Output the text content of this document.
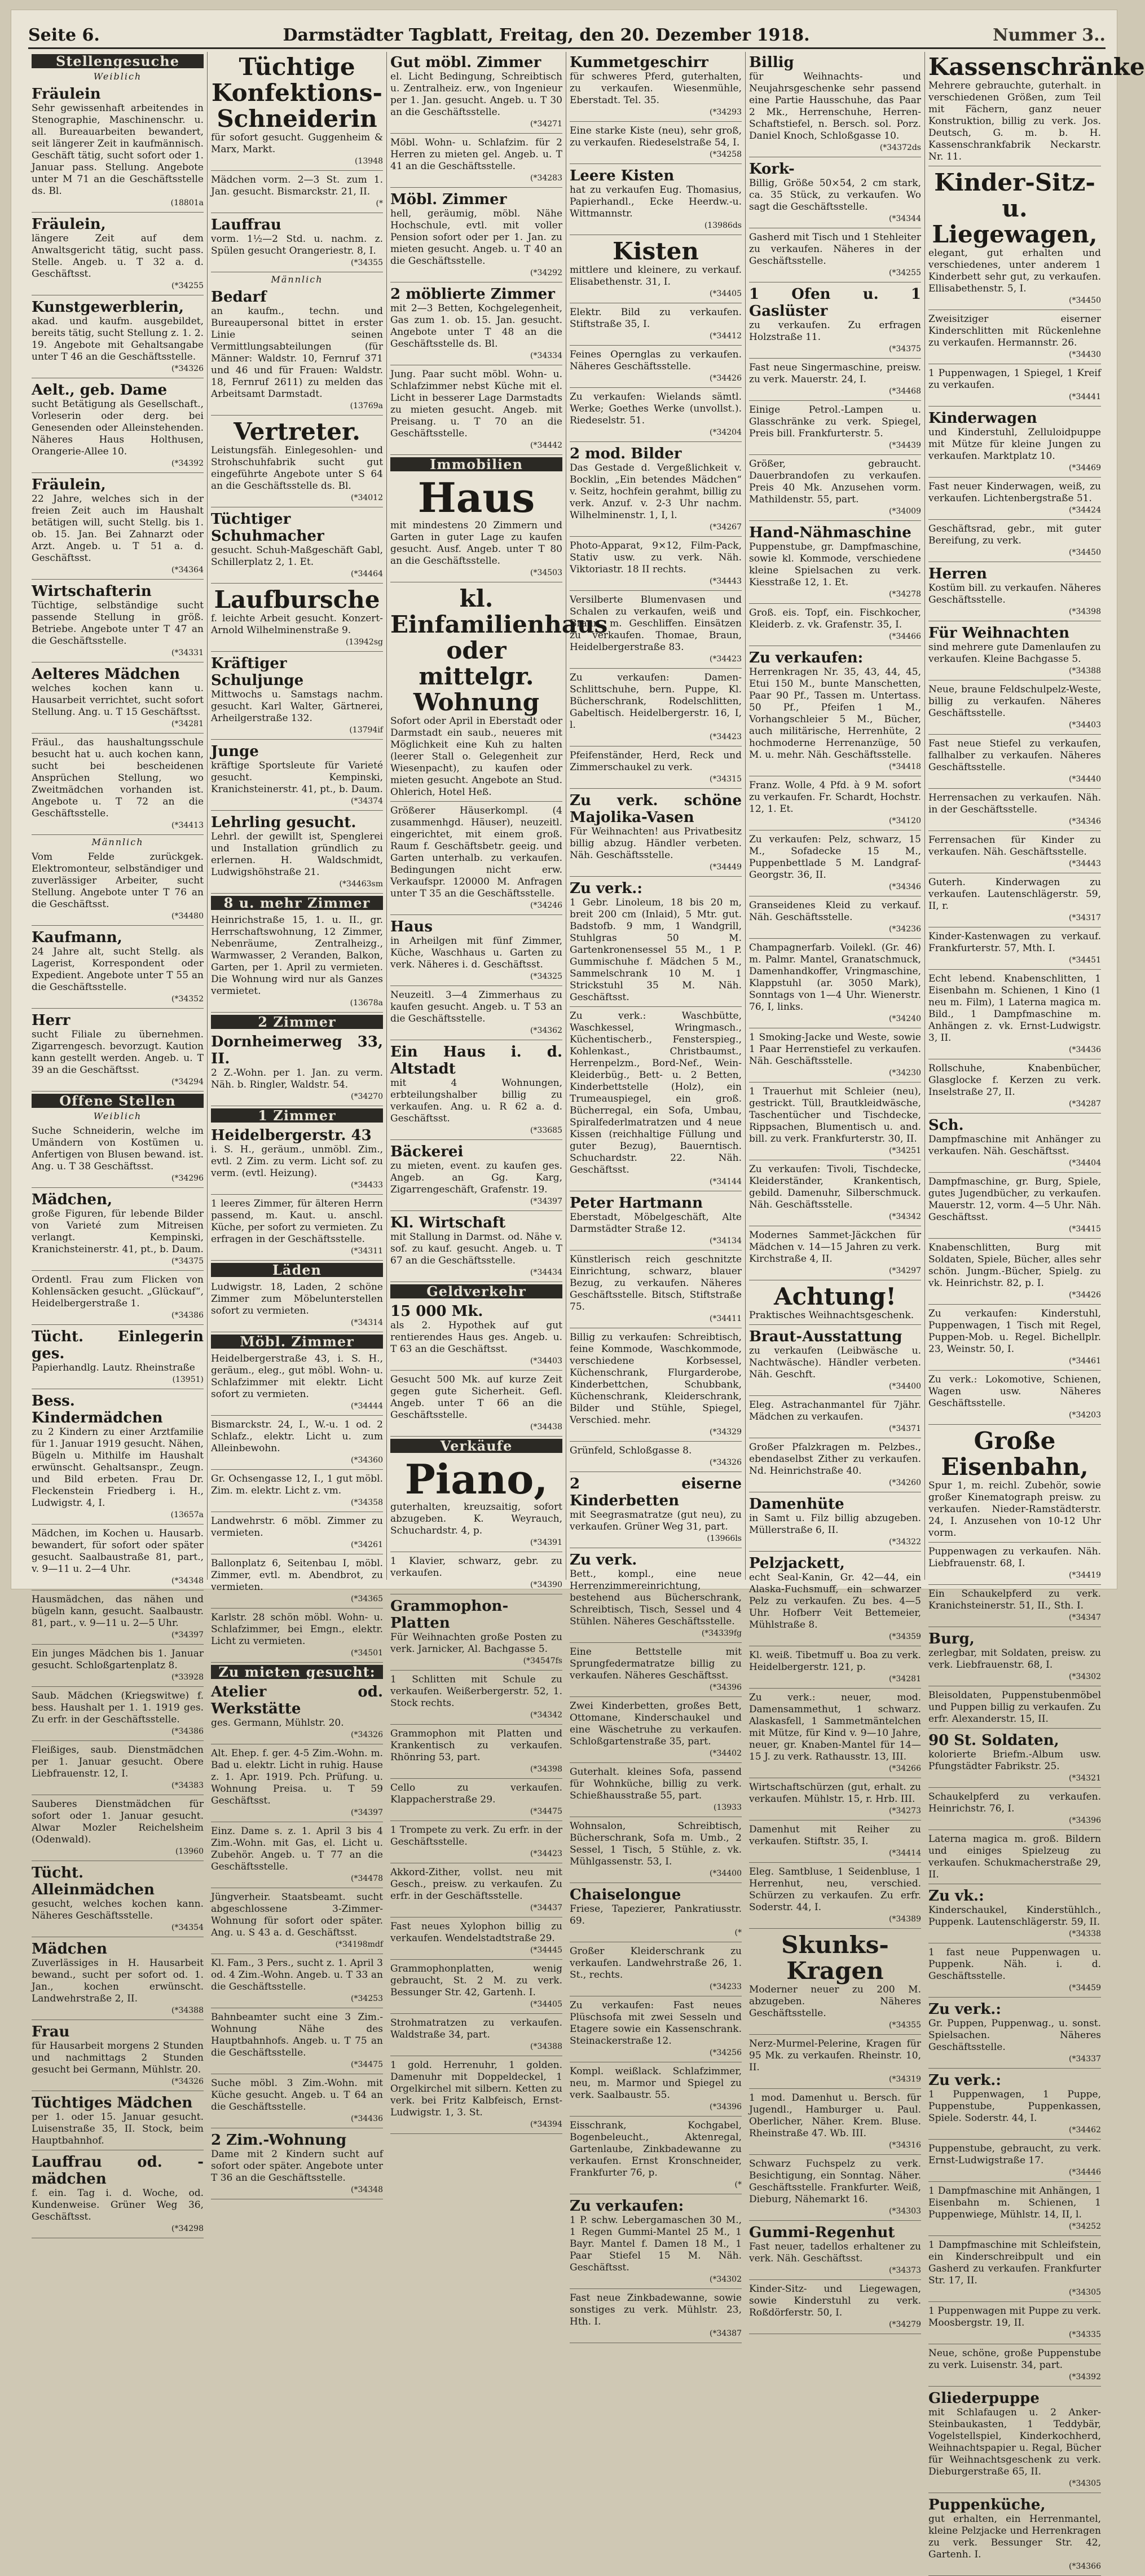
Seite 6.	Darmstädter Tagblatt, Freitag, den 20. Dezember 1918.	Nummer 3..
Stellengesuche
Weiblich
Fräulein
Sehr gewissenhaft arbeitendes in Stenographie, Maschinenschr. u. all. Bureauarbeiten bewandert, seit längerer Zeit in kaufmännisch. Geschäft tätig, sucht sofort oder 1. Januar pass. Stellung. Angebote unter M 71 an die Geschäftsstelle ds. Bl.
(18801a
Fräulein,
längere Zeit auf dem Anwaltsgericht tätig, sucht pass. Stelle. Angeb. u. T 32 a. d. Geschäftsst.
(*34255
Kunstgewerblerin,
akad. und kaufm. ausgebildet, bereits tätig, sucht Stellung z. 1. 2. 19. Angebote mit Gehaltsangabe unter T 46 an die Geschäftsstelle.
(*34326
Aelt., geb. Dame
sucht Betätigung als Gesellschaft., Vorleserin oder derg. bei Genesenden oder Alleinstehenden. Näheres Haus Holthusen, Orangerie-Allee 10.
(*34392
Fräulein,
22 Jahre, welches sich in der freien Zeit auch im Haushalt betätigen will, sucht Stellg. bis 1. ob. 15. Jan. Bei Zahnarzt oder Arzt. Angeb. u. T 51 a. d. Geschäftsst.
(*34364
Wirtschafterin
Tüchtige, selbständige sucht passende Stellung in größ. Betriebe. Angebote unter T 47 an die Geschäftsstelle.
(*34331
Aelteres Mädchen
welches kochen kann u. Hausarbeit verrichtet, sucht sofort Stellung. Ang. u. T 15 Geschäftsst.
(*34281
Fräul., das haushaltungsschule besucht hat u. auch kochen kann, sucht bei bescheidenen Ansprüchen Stellung, wo Zweitmädchen vorhanden ist. Angebote u. T 72 an die Geschäftsstelle.
(*34413
Männlich
Vom Felde zurückgek. Elektromonteur, selbständiger und zuverlässiger Arbeiter, sucht Stellung. Angebote unter T 76 an die Geschäftsst.
(*34480
Kaufmann,
24 Jahre alt, sucht Stellg. als Lagerist, Korrespondent oder Expedient. Angebote unter T 55 an die Geschäftsstelle.
(*34352
Herr
sucht Filiale zu übernehmen. Zigarrengesch. bevorzugt. Kaution kann gestellt werden. Angeb. u. T 39 an die Geschäftsst.
(*34294
Offene Stellen
Weiblich
Suche Schneiderin, welche im Umändern von Kostümen u. Anfertigen von Blusen bewand. ist. Ang. u. T 38 Geschäftsst.
(*34296
Mädchen,
große Figuren, für lebende Bilder von Varieté zum Mitreisen verlangt. Kempinski, Kranichsteinerstr. 41, pt., b. Daum.
(*34375
Ordentl. Frau zum Flicken von Kohlensäcken gesucht. „Glückauf“, Heidelbergerstraße 1.
(*34386
Tücht. Einlegerin ges.
Papierhandlg. Lautz. Rheinstraße
(13951)
Bess. Kindermädchen
zu 2 Kindern zu einer Arztfamilie für 1. Januar 1919 gesucht. Nähen, Bügeln u. Mithilfe im Haushalt erwünscht. Gehaltsanspr., Zeugn. und Bild erbeten. Frau Dr. Fleckenstein Friedberg i. H., Ludwigstr. 4, I.
(13657a
Mädchen, im Kochen u. Hausarb. bewandert, für sofort oder später gesucht. Saalbaustraße 81, part., v. 9—11 u. 2—4 Uhr.
(*34348
Hausmädchen, das nähen und bügeln kann, gesucht. Saalbaustr. 81, part., v. 9—11 u. 2—5 Uhr.
(*34397
Ein junges Mädchen bis 1. Januar gesucht. Schloßgartenplatz 8.
(*33928
Saub. Mädchen (Kriegswitwe) f. bess. Haushalt per 1. 1. 1919 ges. Zu erfr. in der Geschäftsstelle.
(*34386
Fleißiges, saub. Dienstmädchen per 1. Januar gesucht. Obere Liebfrauenstr. 12, I.
(*34383
Sauberes Dienstmädchen für sofort oder 1. Januar gesucht. Alwar Mozler Reichelsheim (Odenwald).
(13960
Tücht. Alleinmädchen
gesucht, welches kochen kann. Näheres Geschäftsstelle.
(*34354
Mädchen
Zuverlässiges in H. Hausarbeit bewand., sucht per sofort od. 1. Jan., kochen erwünscht. Landwehrstraße 2, II.
(*34388
Frau
für Hausarbeit morgens 2 Stunden und nachmittags 2 Stunden gesucht bei Germann, Mühlstr. 20.
(*34326
Tüchtiges Mädchen
per 1. oder 15. Januar gesucht. Luisenstraße 35, II. Stock, beim Hauptbahnhof.
Lauffrau od. -mädchen
f. ein. Tag i. d. Woche, od. Kundenweise. Grüner Weg 36, Geschäftsst.
(*34298
Tüchtige Konfektions-Schneiderin
für sofort gesucht. Guggenheim & Marx, Markt.
(13948
Mädchen vorm. 2—3 St. zum 1. Jan. gesucht. Bismarckstr. 21, II.
(*
Lauffrau
vorm. 1½—2 Std. u. nachm. z. Spülen gesucht Orangeriestr. 8, I.
(*34355
Männlich
Bedarf
an kaufm., techn. und Bureaupersonal bittet in erster Linie seinen Vermittlungsabteilungen (für Männer: Waldstr. 10, Fernruf 371 und 46 und für Frauen: Waldstr. 18, Fernruf 2611) zu melden das Arbeitsamt Darmstadt.
(13769a
Vertreter.
Leistungsfäh. Einlegesohlen- und Strohschuhfabrik sucht gut eingeführte Angebote unter S 64 an die Geschäftsstelle ds. Bl.
(*34012
Tüchtiger Schuhmacher
gesucht. Schuh-Maßgeschäft Gabl, Schillerplatz 2, 1. Et.
(*34464
Laufbursche
f. leichte Arbeit gesucht. Konzert-Arnold Wilhelminenstraße 9.
(13942sg
Kräftiger Schuljunge
Mittwochs u. Samstags nachm. gesucht. Karl Walter, Gärtnerei, Arheilgerstraße 132.
(13794if
Junge
kräftige Sportsleute für Varieté gesucht. Kempinski, Kranichsteinerstr. 41, pt., b. Daum.
(*34374
Lehrling gesucht.
Lehrl. der gewillt ist, Spenglerei und Installation gründlich zu erlernen. H. Waldschmidt, Ludwigshöhstraße 21.
(*34463sm
8 u. mehr Zimmer
Heinrichstraße 15, 1. u. II., gr. Herrschaftswohnung, 12 Zimmer, Nebenräume, Zentralheizg., Warmwasser, 2 Veranden, Balkon, Garten, per 1. April zu vermieten. Die Wohnung wird nur als Ganzes vermietet.
(13678a
2 Zimmer
Dornheimerweg 33, II.
2 Z.-Wohn. per 1. Jan. zu verm. Näh. b. Ringler, Waldstr. 54.
(*34270
1 Zimmer
Heidelbergerstr. 43
i. S. H., geräum., unmöbl. Zim., evtl. 2 Zim. zu verm. Licht sof. zu verm. (evtl. Heizung).
(*34433
1 leeres Zimmer, für älteren Herrn passend, m. Kaut. u. anschl. Küche, per sofort zu vermieten. Zu erfragen in der Geschäftsstelle.
(*34311
Läden
Ludwigstr. 18, Laden, 2 schöne Zimmer zum Möbelunterstellen sofort zu vermieten.
(*34314
Möbl. Zimmer
Heidelbergerstraße 43, i. S. H., geräum., eleg., gut möbl. Wohn- u. Schlafzimmer mit elektr. Licht sofort zu vermieten.
(*34444
Bismarckstr. 24, I., W.-u. 1 od. 2 Schlafz., elektr. Licht u. zum Alleinbewohn.
(*34360
Gr. Ochsengasse 12, I., 1 gut möbl. Zim. m. elektr. Licht z. vm.
(*34358
Landwehrstr. 6 möbl. Zimmer zu vermieten.
(*34261
Ballonplatz 6, Seitenbau I, möbl. Zimmer, evtl. m. Abendbrot, zu vermieten.
(*34365
Karlstr. 28 schön möbl. Wohn- u. Schlafzimmer, bei Emgn., elektr. Licht zu vermieten.
(*34501
Zu mieten gesucht:
Atelier od. Werkstätte
ges. Germann, Mühlstr. 20.
(*34326
Alt. Ehep. f. ger. 4-5 Zim.-Wohn. m. Bad u. elektr. Licht in ruhig. Hause z. 1. Apr. 1919. Pch. Prüfung. u. Wohnung Preisa. u. T 59 Geschäftsst.
(*34397
Einz. Dame s. z. 1. April 3 bis 4 Zim.-Wohn. mit Gas, el. Licht u. Zubehör. Angeb. u. T 77 an die Geschäftsstelle.
(*34478
Jüngverheir. Staatsbeamt. sucht abgeschlossene 3-Zimmer-Wohnung für sofort oder später. Ang. u. S 43 a. d. Geschäftsst.
(*34198mdf
Kl. Fam., 3 Pers., sucht z. 1. April 3 od. 4 Zim.-Wohn. Angeb. u. T 33 an die Geschäftsstelle.
(*34253
Bahnbeamter sucht eine 3 Zim.-Wohnung Nähe des Hauptbahnhofs. Angeb. u. T 75 an die Geschäftsstelle.
(*34475
Suche möbl. 3 Zim.-Wohn. mit Küche gesucht. Angeb. u. T 64 an die Geschäftsstelle.
(*34436
2 Zim.-Wohnung
Dame mit 2 Kindern sucht auf sofort oder später. Angebote unter T 36 an die Geschäftsstelle.
(*34348
Gut möbl. Zimmer
el. Licht Bedingung, Schreibtisch u. Zentralheiz. erw., von Ingenieur per 1. Jan. gesucht. Angeb. u. T 30 an die Geschäftsstelle.
(*34271
Möbl. Wohn- u. Schlafzim. für 2 Herren zu mieten gel. Angeb. u. T 41 an die Geschäftsstelle.
(*34283
Möbl. Zimmer
hell, geräumig, möbl. Nähe Hochschule, evtl. mit voller Pension sofort oder per 1. Jan. zu mieten gesucht. Angeb. u. T 40 an die Geschäftsstelle.
(*34292
2 möblierte Zimmer
mit 2—3 Betten, Kochgelegenheit, Gas zum 1. ob. 15. Jan. gesucht. Angebote unter T 48 an die Geschäftsstelle ds. Bl.
(*34334
Jung. Paar sucht möbl. Wohn- u. Schlafzimmer nebst Küche mit el. Licht in besserer Lage Darmstadts zu mieten gesucht. Angeb. mit Preisang. u. T 70 an die Geschäftsstelle.
(*34442
Immobilien
Haus
mit mindestens 20 Zimmern und Garten in guter Lage zu kaufen gesucht. Ausf. Angeb. unter T 80 an die Geschäftsstelle.
(*34503
kl. Einfamilienhaus oder mittelgr. Wohnung
Sofort oder April in Eberstadt oder Darmstadt ein saub., neueres mit Möglichkeit eine Kuh zu halten (leerer Stall o. Gelegenheit zur Wiesenpacht), zu kaufen oder mieten gesucht. Angebote an Stud. Ohlerich, Hotel Heß.
Größerer Häuserkompl. (4 zusammenhgd. Häuser), neuzeitl. eingerichtet, mit einem groß. Raum f. Geschäftsbetr. geeig. und Garten unterhalb. zu verkaufen. Bedingungen nicht erw. Verkaufspr. 120000 M. Anfragen unter T 35 an die Geschäftsstelle.
(*34246
Haus
in Arheilgen mit fünf Zimmer, Küche, Waschhaus u. Garten zu verk. Näheres i. d. Geschäftsst.
(*34325
Neuzeitl. 3—4 Zimmerhaus zu kaufen gesucht. Angeb. u. T 53 an die Geschäftsstelle.
(*34362
Ein Haus i. d. Altstadt
mit 4 Wohnungen, erbteilungshalber billig zu verkaufen. Ang. u. R 62 a. d. Geschäftsst.
(*33685
Bäckerei
zu mieten, event. zu kaufen ges. Angeb. an Gg. Karg, Zigarrengeschäft, Grafenstr. 19.
(*34397
Kl. Wirtschaft
mit Stallung in Darmst. od. Nähe v. sof. zu kauf. gesucht. Angeb. u. T 67 an die Geschäftsstelle.
(*34434
Geldverkehr
15 000 Mk.
als 2. Hypothek auf gut rentierendes Haus ges. Angeb. u. T 63 an die Geschäftsst.
(*34403
Gesucht 500 Mk. auf kurze Zeit gegen gute Sicherheit. Gefl. Angeb. unter T 66 an die Geschäftsstelle.
(*34438
Verkäufe
Piano,
guterhalten, kreuzsaitig, sofort abzugeben. K. Weyrauch, Schuchardstr. 4, p.
(*34391
1 Klavier, schwarz, gebr. zu verkaufen.
(*34390
Grammophon-Platten
Für Weihnachten große Posten zu verk. Jarnicker, Al. Bachgasse 5.
(*34547fs
1 Schlitten mit Schule zu verkaufen. Weißerbergerstr. 52, 1. Stock rechts.
(*34342
Grammophon mit Platten und Krankentisch zu verkaufen. Rhönring 53, part.
(*34398
Cello zu verkaufen. Klappacherstraße 29.
(*34475
1 Trompete zu verk. Zu erfr. in der Geschäftsstelle.
(*34423
Akkord-Zither, vollst. neu mit Gesch., preisw. zu verkaufen. Zu erfr. in der Geschäftsstelle.
(*34437
Fast neues Xylophon billig zu verkaufen. Wendelstadtstraße 29.
(*34445
Grammophonplatten, wenig gebraucht, St. 2 M. zu verk. Bessunger Str. 42, Gartenh. I.
(*34405
Strohmatratzen zu verkaufen. Waldstraße 34, part.
(*34388
1 gold. Herrenuhr, 1 golden. Damenuhr mit Doppeldeckel, 1 Orgelkirchel mit silbern. Ketten zu verk. bei Fritz Kalbfeisch, Ernst-Ludwigstr. 1, 3. St.
(*34394
Kummetgeschirr
für schweres Pferd, guterhalten, zu verkaufen. Wiesenmühle, Eberstadt. Tel. 35.
(*34293
Eine starke Kiste (neu), sehr groß, zu verkaufen. Riedeselstraße 54, I.
(*34258
Leere Kisten
hat zu verkaufen Eug. Thomasius, Papierhandl., Ecke Heerdw.-u. Wittmannstr.
(13986ds
Kisten
mittlere und kleinere, zu verkauf. Elisabethenstr. 31, I.
(*34405
Elektr. Bild zu verkaufen. Stiftstraße 35, I.
(*34412
Feines Opernglas zu verkaufen. Näheres Geschäftsstelle.
(*34426
Zu verkaufen: Wielands sämtl. Werke; Goethes Werke (unvollst.). Riedeselstr. 51.
(*34204
2 mod. Bilder
Das Gestade d. Vergeßlichkeit v. Bocklin, „Ein betendes Mädchen“ v. Seitz, hochfein gerahmt, billig zu verk. Anzuf. v. 2-3 Uhr nachm. Wilhelminenstr. 1, I, l.
(*34267
Photo-Apparat, 9×12, Film-Pack, Stativ usw. zu verk. Näh. Viktoriastr. 18 II rechts.
(*34443
Versilberte Blumenvasen und Schalen zu verkaufen, weiß und Braun, m. Geschliffen. Einsätzen zu verkaufen. Thomae, Braun, Heidelbergerstraße 83.
(*34423
Zu verkaufen: Damen-Schlittschuhe, bern. Puppe, Kl. Bücherschrank, Rodelschlitten, Gabeltisch. Heidelbergerstr. 16, I, l.
(*34423
Pfeifenständer, Herd, Reck und Zimmerschaukel zu verk.
(*34315
Zu verk. schöne Majolika-Vasen
Für Weihnachten! aus Privatbesitz billig abzug. Händler verbeten. Näh. Geschäftsstelle.
(*34449
Zu verk.:
1 Gebr. Linoleum, 18 bis 20 m, breit 200 cm (Inlaid), 5 Mtr. gut. Badstofb. 9 mm, 1 Wandgrill, Stuhlgras 50 M. Gartenkronensessel 55 M., 1 P. Gummischuhe f. Mädchen 5 M., Sammelschrank 10 M. 1 Strickstuhl 35 M. Näh. Geschäftsst.
Zu verk.: Waschbütte, Waschkessel, Wringmasch., Küchentischerb., Fensterspieg., Kohlenkast., Christbaumst., Herrenpelzm., Bord-Nef., Wein-Kleiderbüg., Bett- u. 2 Betten, Kinderbettstelle (Holz), ein Trumeauspiegel, ein groß. Bücherregal, ein Sofa, Umbau, Spiralfederlmatratzen und 4 neue Kissen (reichhaltige Füllung und guter Bezug), Bauerntisch. Schuchardstr. 22. Näh. Geschäftsst.
(*34144
Peter Hartmann
Eberstadt, Möbelgeschäft, Alte Darmstädter Straße 12.
(*34134
Künstlerisch reich geschnitzte Einrichtung, schwarz, blauer Bezug, zu verkaufen. Näheres Geschäftsstelle. Bitsch, Stiftstraße 75.
(*34411
Billig zu verkaufen: Schreibtisch, feine Kommode, Waschkommode, verschiedene Korbsessel, Küchenschrank, Flurgarderobe, Kinderbettchen, Schubbank, Küchenschrank, Kleiderschrank, Bilder und Stühle, Spiegel, Verschied. mehr.
(*34329
Grünfeld, Schloßgasse 8.
(*34326
2 eiserne Kinderbetten
mit Seegrasmatratze (gut neu), zu verkaufen. Grüner Weg 31, part.
(13966ls
Zu verk.
Bett., kompl., eine neue Herrenzimmereinrichtung, bestehend aus Bücherschrank, Schreibtisch, Tisch, Sessel und 4 Stühlen. Näheres Geschäftsstelle.
(*34339fg
Eine Bettstelle mit Sprungfedermatratze billig zu verkaufen. Näheres Geschäftsst.
(*34396
Zwei Kinderbetten, großes Bett, Ottomane, Kinderschaukel und eine Wäschetruhe zu verkaufen. Schloßgartenstraße 35, part.
(*34402
Guterhalt. kleines Sofa, passend für Wohnküche, billig zu verk. Schießhausstraße 55, part.
(13933
Wohnsalon, Schreibtisch, Bücherschrank, Sofa m. Umb., 2 Sessel, 1 Tisch, 5 Stühle, z. vk. Mühlgassenstr. 53, I.
(*34400
Chaiselongue
Friese, Tapezierer, Pankratiusstr. 69.
(*
Großer Kleiderschrank zu verkaufen. Landwehrstraße 26, 1. St., rechts.
(*34233
Zu verkaufen: Fast neues Plüschsofa mit zwei Sesseln und Etagere sowie ein Kassenschrank. Steinackerstraße 12.
(*34256
Kompl. weißlack. Schlafzimmer, neu, m. Marmor und Spiegel zu verk. Saalbaustr. 55.
(*34396
Eisschrank, Kochgabel, Bogenbeleucht., Aktenregal, Gartenlaube, Zinkbadewanne zu verkaufen. Ernst Kronschneider, Frankfurter 76, p.
(*
Zu verkaufen:
1 P. schw. Lebergamaschen 30 M., 1 Regen Gummi-Mantel 25 M., 1 Bayr. Mantel f. Damen 18 M., 1 Paar Stiefel 15 M. Näh. Geschäftsst.
(*34302
Fast neue Zinkbadewanne, sowie sonstiges zu verk. Mühlstr. 23, Hth. I.
(*34387
Billig
für Weihnachts- und Neujahrsgeschenke sehr passend eine Partie Hausschuhe, das Paar 2 Mk., Herrenschuhe, Herren-Schaftstiefel, n. Bersch. sol. Porz. Daniel Knoch, Schloßgasse 10.
(*34372ds
Kork-
Billig, Größe 50×54, 2 cm stark, ca. 35 Stück, zu verkaufen. Wo sagt die Geschäftsstelle.
(*34344
Gasherd mit Tisch und 1 Stehleiter zu verkaufen. Näheres in der Geschäftsstelle.
(*34255
1 Ofen u. 1 Gaslüster
zu verkaufen. Zu erfragen Holzstraße 11.
(*34375
Fast neue Singermaschine, preisw. zu verk. Mauerstr. 24, I.
(*34468
Einige Petrol.-Lampen u. Glasschränke zu verk. Spiegel, Preis bill. Frankfurterstr. 5.
(*34439
Größer, gebraucht. Dauerbrandofen zu verkaufen. Preis 40 Mk. Anzusehen vorm. Mathildenstr. 55, part.
(*34009
Hand-Nähmaschine
Puppenstube, gr. Dampfmaschine, sowie kl. Kommode, verschiedene kleine Spielsachen zu verk. Kiesstraße 12, 1. Et.
(*34278
Groß. eis. Topf, ein. Fischkocher, Kleiderb. z. vk. Grafenstr. 35, I.
(*34466
Zu verkaufen:
Herrenkragen Nr. 35, 43, 44, 45, Etui 150 M., bunte Manschetten, Paar 90 Pf., Tassen m. Untertass. 50 Pf., Pfeifen 1 M., Vorhangschleier 5 M., Bücher, auch militärische, Herrenhüte, 2 hochmoderne Herrenanzüge, 50 M. u. mehr. Näh. Geschäftsstelle.
(*34418
Franz. Wolle, 4 Pfd. à 9 M. sofort zu verkaufen. Fr. Schardt, Hochstr. 12, 1. Et.
(*34120
Zu verkaufen: Pelz, schwarz, 15 M., Sofadecke 15 M., Puppenbettlade 5 M. Landgraf-Georgstr. 36, II.
(*34346
Granseidenes Kleid zu verkauf. Näh. Geschäftsstelle.
(*34236
Champagnerfarb. Voilekl. (Gr. 46) m. Palmr. Mantel, Granatschmuck, Damenhandkoffer, Vringmaschine, Klappstuhl (ar. 3050 Mark), Sonntags von 1—4 Uhr. Wienerstr. 76, I, links.
(*34240
1 Smoking-Jacke und Weste, sowie 1 Paar Herrenstiefel zu verkaufen. Näh. Geschäftsstelle.
(*34230
1 Trauerhut mit Schleier (neu), gestrickt. Tüll, Brautkleidwäsche, Taschentücher und Tischdecke, Rippsachen, Blumentisch u. and. bill. zu verk. Frankfurterstr. 30, II.
(*34251
Zu verkaufen: Tivoli, Tischdecke, Kleiderständer, Krankentisch, gebild. Damenuhr, Silberschmuck. Näh. Geschäftsstelle.
(*34342
Modernes Sammet-Jäckchen für Mädchen v. 14—15 Jahren zu verk. Kirchstraße 4, II.
(*34297
Achtung!
Praktisches Weihnachtsgeschenk.
Braut-Ausstattung
zu verkaufen (Leibwäsche u. Nachtwäsche). Händler verbeten. Näh. Geschft.
(*34400
Eleg. Astrachanmantel für 7jähr. Mädchen zu verkaufen.
(*34371
Großer Pfalzkragen m. Pelzbes., ebendaselbst Zither zu verkaufen. Nd. Heinrichstraße 40.
(*34260
Damenhüte
in Samt u. Filz billig abzugeben. Müllerstraße 6, II.
(*34322
Pelzjackett,
echt Seal-Kanin, Gr. 42—44, ein Alaska-Fuchsmuff, ein schwarzer Pelz zu verkaufen. Zu bes. 4—5 Uhr. Hofberr Veit Bettemeier, Mühlstraße 8.
(*34359
Kl. weiß. Tibetmuff u. Boa zu verk. Heidelbergerstr. 121, p.
(*34281
Zu verk.: neuer, mod. Damensammethut, 1 schwarz. Alaskasfell, 1 Sammetmäntelchen mit Mütze, für Kind v. 9—10 Jahre, neuer, gr. Knaben-Mantel für 14—15 J. zu verk. Rathausstr. 13, III.
(*34266
Wirtschaftschürzen (gut, erhalt. zu verkaufen. Mühlstr. 15, r. Hrb. III.
(*34273
Damenhut mit Reiher zu verkaufen. Stiftstr. 35, I.
(*34414
Eleg. Samtbluse, 1 Seidenbluse, 1 Herrenhut, neu, verschied. Schürzen zu verkaufen. Zu erfr. Soderstr. 44, I.
(*34389
Skunks-Kragen
Moderner neuer zu 200 M. abzugeben. Näheres Geschäftsstelle.
(*34355
Nerz-Murmel-Pelerine, Kragen für 95 Mk. zu verkaufen. Rheinstr. 10, II.
(*34319
1 mod. Damenhut u. Bersch. für Jugendl., Hamburger u. Paul. Oberlicher, Näher. Krem. Bluse. Rheinstraße 47. Wb. III.
(*34316
Schwarz Fuchspelz zu verk. Besichtigung, ein Sonntag. Näher. Geschäftsstelle. Frankfurter. Weiß, Dieburg, Nähemarkt 16.
(*34303
Gummi-Regenhut
Fast neuer, tadellos erhaltener zu verk. Näh. Geschäftsst.
(*34373
Kinder-Sitz- und Liegewagen, sowie Kinderstuhl zu verk. Roßdörferstr. 50, I.
(*34279
Kassenschränke
Mehrere gebrauchte, guterhalt. in verschiedenen Größen, zum Teil mit Fächern, ganz neuer Konstruktion, billig zu verk. Jos. Deutsch, G. m. b. H. Kassenschrankfabrik Neckarstr. Nr. 11.
Kinder-Sitz- u. Liegewagen,
elegant, gut erhalten und verschiedenes, unter anderem 1 Kinderbett sehr gut, zu verkaufen. Ellisabethenstr. 5, I.
(*34450
Zweisitziger eiserner Kinderschlitten mit Rückenlehne zu verkaufen. Hermannstr. 26.
(*34430
1 Puppenwagen, 1 Spiegel, 1 Kreif zu verkaufen.
(*34441
Kinderwagen
und Kinderstuhl, Zelluloidpuppe mit Mütze für kleine Jungen zu verkaufen. Marktplatz 10.
(*34469
Fast neuer Kinderwagen, weiß, zu verkaufen. Lichtenbergstraße 51.
(*34424
Geschäftsrad, gebr., mit guter Bereifung, zu verk.
(*34450
Herren
Kostüm bill. zu verkaufen. Näheres Geschäftsstelle.
(*34398
Für Weihnachten
sind mehrere gute Damenlaufen zu verkaufen. Kleine Bachgasse 5.
(*34388
Neue, braune Feldschulpelz-Weste, billig zu verkaufen. Näheres Geschäftsstelle.
(*34403
Fast neue Stiefel zu verkaufen, fallhalber zu verkaufen. Näheres Geschäftsstelle.
(*34440
Herrensachen zu verkaufen. Näh. in der Geschäftsstelle.
(*34346
Ferrensachen für Kinder zu verkaufen. Näh. Geschäftsstelle.
(*34443
Guterh. Kinderwagen zu verkaufen. Lautenschlägerstr. 59, II, r.
(*34317
Kinder-Kastenwagen zu verkauf. Frankfurterstr. 57, Mth. I.
(*34451
Echt lebend. Knabenschlitten, 1 Eisenbahn m. Schienen, 1 Kino (1 neu m. Film), 1 Laterna magica m. Bild., 1 Dampfmaschine m. Anhängen z. vk. Ernst-Ludwigstr. 3, II.
(*34436
Rollschuhe, Knabenbücher, Glasglocke f. Kerzen zu verk. Inselstraße 27, II.
(*34287
Sch.
Dampfmaschine mit Anhänger zu verkaufen. Näh. Geschäftsst.
(*34404
Dampfmaschine, gr. Burg, Spiele, gutes Jugendbücher, zu verkaufen. Mauerstr. 12, vorm. 4—5 Uhr. Näh. Geschäftsst.
(*34415
Knabenschlitten, Burg mit Soldaten, Spiele, Bücher, alles sehr schön. Jungm.-Bücher, Spielg. zu vk. Heinrichstr. 82, p. I.
(*34426
Zu verkaufen: Kinderstuhl, Puppenwagen, 1 Tisch mit Regel, Puppen-Mob. u. Regel. Bichellplr. 23, Weinstr. 50, I.
(*34461
Zu verk.: Lokomotive, Schienen, Wagen usw. Näheres Geschäftsstelle.
(*34203
Große Eisenbahn,
Spur 1, m. reichl. Zubehör, sowie großer Kinematograph preisw. zu verkaufen. Nieder-Ramstädterstr. 24, I. Anzusehen von 10-12 Uhr vorm.
Puppenwagen zu verkaufen. Näh. Liebfrauenstr. 68, I.
(*34419
Ein Schaukelpferd zu verk. Kranichsteinerstr. 51, II., Sth. I.
(*34347
Burg,
zerlegbar, mit Soldaten, preisw. zu verk. Liebfrauenstr. 68, I.
(*34302
Bleisoldaten, Puppenstubenmöbel und Puppen billig zu verkaufen. Zu erfr. Alexanderstr. 15, II.
90 St. Soldaten,
kolorierte Briefm.-Album usw. Pfungstädter Fabrikstr. 25.
(*34321
Schaukelpferd zu verkaufen. Heinrichstr. 76, I.
(*34396
Laterna magica m. groß. Bildern und einiges Spielzeug zu verkaufen. Schukmacherstraße 29, II.
Zu vk.:
Kinderschaukel, Kinderstühlch., Puppenk. Lautenschlägerstr. 59, II.
(*34338
1 fast neue Puppenwagen u. Puppenk. Näh. i. d. Geschäftsstelle.
(*34459
Zu verk.:
Gr. Puppen, Puppenwag., u. sonst. Spielsachen. Näheres Geschäftsstelle.
(*34337
Zu verk.:
1 Puppenwagen, 1 Puppe, Puppenstube, Puppenkassen, Spiele. Soderstr. 44, I.
(*34462
Puppenstube, gebraucht, zu verk. Ernst-Ludwigstraße 17.
(*34446
1 Dampfmaschine mit Anhängen, 1 Eisenbahn m. Schienen, 1 Puppenwiege, Mühlstr. 14, II, l.
(*34252
1 Dampfmaschine mit Schleifstein, ein Kinderschreibpult und ein Gasherd zu verkaufen. Frankfurter Str. 17, II.
(*34305
1 Puppenwagen mit Puppe zu verk. Moosbergstr. 19, II.
(*34335
Neue, schöne, große Puppenstube zu verk. Luisenstr. 34, part.
(*34392
Gliederpuppe
mit Schlafaugen u. 2 Anker-Steinbaukasten, 1 Teddybär, Vogelstellspiel, Kinderkochherd, Weihnachtspapier u. Regal, Bücher für Weihnachtsgeschenk zu verk. Dieburgerstraße 65, II.
(*34305
Puppenküche,
gut erhalten, ein Herrenmantel, kleine Pelzjacke und Herrenkragen zu verk. Bessunger Str. 42, Gartenh. I.
(*34366
